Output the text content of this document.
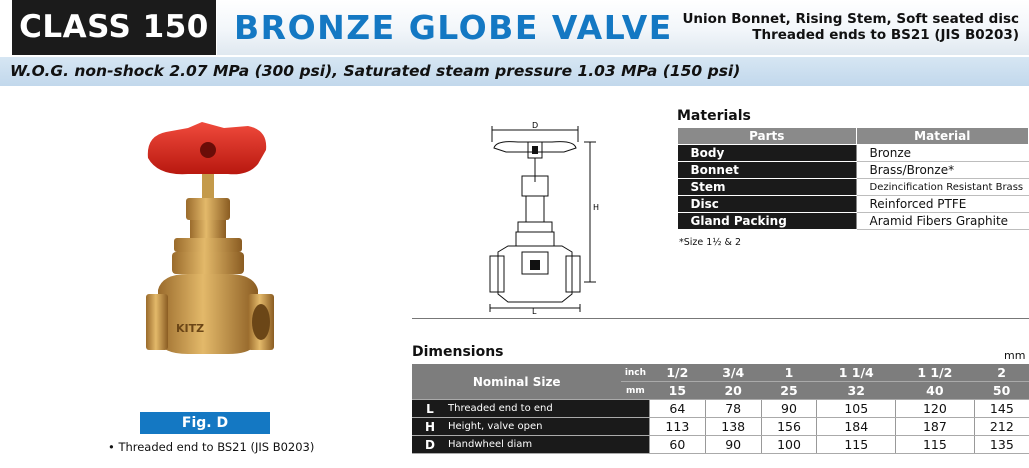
CLASS 150 BRONZE GLOBE VALVE Union Bonnet, Rising Stem, Soft seated disc
Threaded ends to BS21 (JIS B0203)
W.O.G. non-shock 2.07 MPa (300 psi), Saturated steam pressure 1.03 MPa (150 psi)
KITZ
Fig. D
• Threaded end to BS21 (JIS B0203)
D
H
L
Materials
Parts	Material
Body	Bronze
Bonnet	Brass/Bronze*
Stem	Dezincification Resistant Brass
Disc	Reinforced PTFE
Gland Packing	Aramid Fibers Graphite
*Size 1½ & 2
Dimensions	mm
Nominal Size		inch	1/2	3/4	1	1 1/4	1 1/2	2
		mm	15	20	25	32	40	50
L	Threaded end to end		64	78	90	105	120	145
H	Height, valve open		113	138	156	184	187	212
D	Handwheel diam		60	90	100	115	115	135
